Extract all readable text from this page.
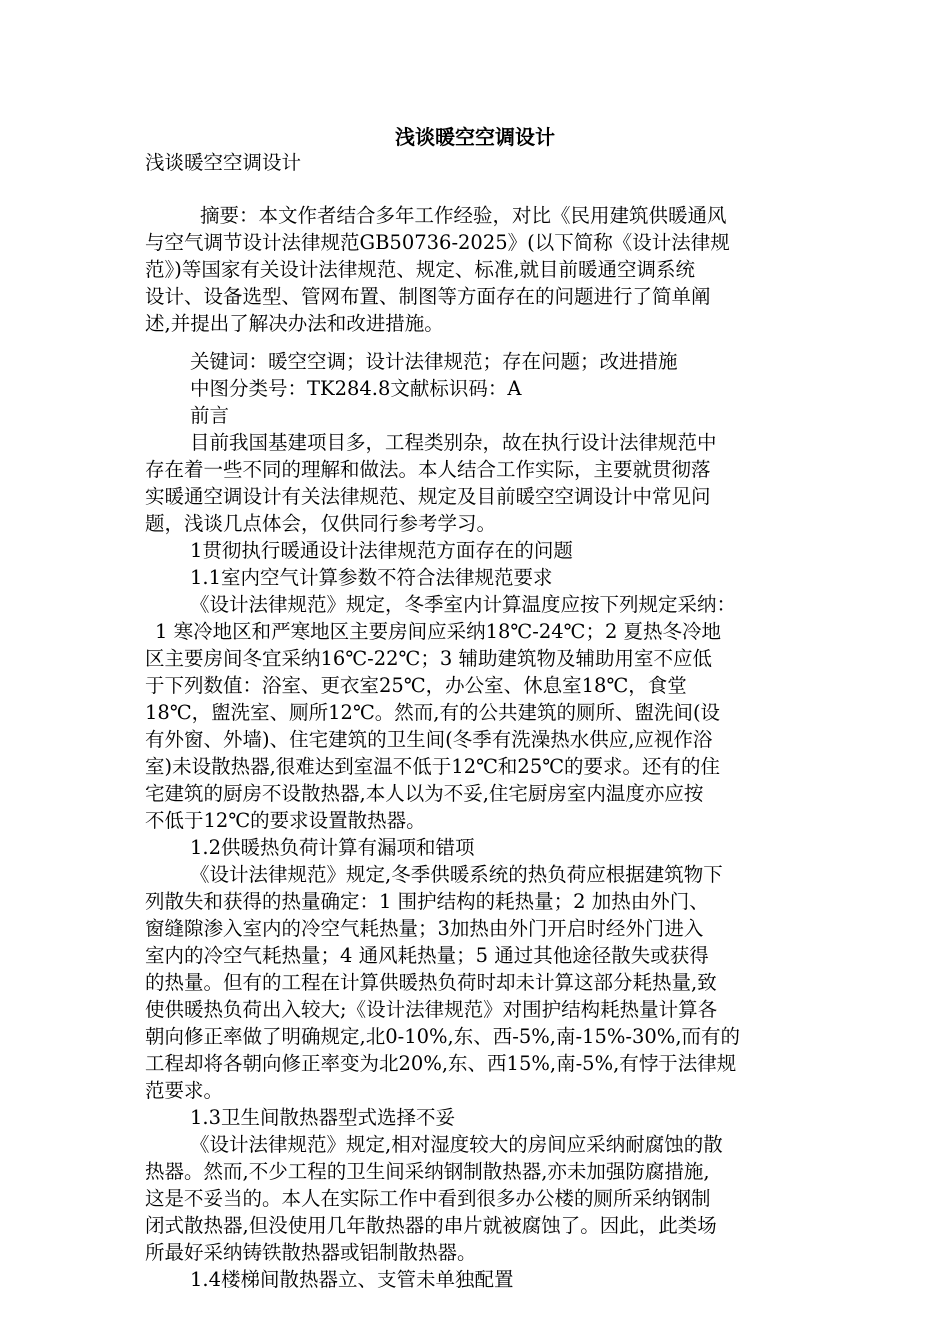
浅谈暖空空调设计

浅谈暖空空调设计

摘要：本文作者结合多年工作经验，对比《民用建筑供暖通风

与空气调节设计法律规范GB50736-2025》(以下简称《设计法律规

范》)等国家有关设计法律规范、规定、标准,就目前暖通空调系统

设计、设备选型、管网布置、制图等方面存在的问题进行了简单阐

述,并提出了解决办法和改进措施。

关键词：暖空空调；设计法律规范；存在问题；改进措施

中图分类号：TK284.8文献标识码：A

前言

目前我国基建项目多，工程类别杂，故在执行设计法律规范中

存在着一些不同的理解和做法。本人结合工作实际，主要就贯彻落

实暖通空调设计有关法律规范、规定及目前暖空空调设计中常见问

题，浅谈几点体会，仅供同行参考学习。

1贯彻执行暖通设计法律规范方面存在的问题

1.1室内空气计算参数不符合法律规范要求

《设计法律规范》规定，冬季室内计算温度应按下列规定采纳：

1 寒冷地区和严寒地区主要房间应采纳18℃-24℃；2 夏热冬冷地

区主要房间冬宜采纳16℃-22℃；3 辅助建筑物及辅助用室不应低

于下列数值：浴室、更衣室25℃，办公室、休息室18℃，食堂

18℃，盥洗室、厕所12℃。然而,有的公共建筑的厕所、盥洗间(设

有外窗、外墙)、住宅建筑的卫生间(冬季有洗澡热水供应,应视作浴

室)未设散热器,很难达到室温不低于12℃和25℃的要求。还有的住

宅建筑的厨房不设散热器,本人以为不妥,住宅厨房室内温度亦应按

不低于12℃的要求设置散热器。

1.2供暖热负荷计算有漏项和错项

《设计法律规范》规定,冬季供暖系统的热负荷应根据建筑物下

列散失和获得的热量确定：1 围护结构的耗热量；2 加热由外门、

窗缝隙渗入室内的冷空气耗热量；3加热由外门开启时经外门进入

室内的冷空气耗热量；4 通风耗热量；5 通过其他途径散失或获得

的热量。但有的工程在计算供暖热负荷时却未计算这部分耗热量,致

使供暖热负荷出入较大;《设计法律规范》对围护结构耗热量计算各

朝向修正率做了明确规定,北0-10%,东、西-5%,南-15%-30%,而有的

工程却将各朝向修正率变为北20%,东、西15%,南-5%,有悖于法律规

范要求。

1.3卫生间散热器型式选择不妥

《设计法律规范》规定,相对湿度较大的房间应采纳耐腐蚀的散

热器。然而,不少工程的卫生间采纳钢制散热器,亦未加强防腐措施,

这是不妥当的。本人在实际工作中看到很多办公楼的厕所采纳钢制

闭式散热器,但没使用几年散热器的串片就被腐蚀了。因此，此类场

所最好采纳铸铁散热器或铝制散热器。

1.4楼梯间散热器立、支管未单独配置
